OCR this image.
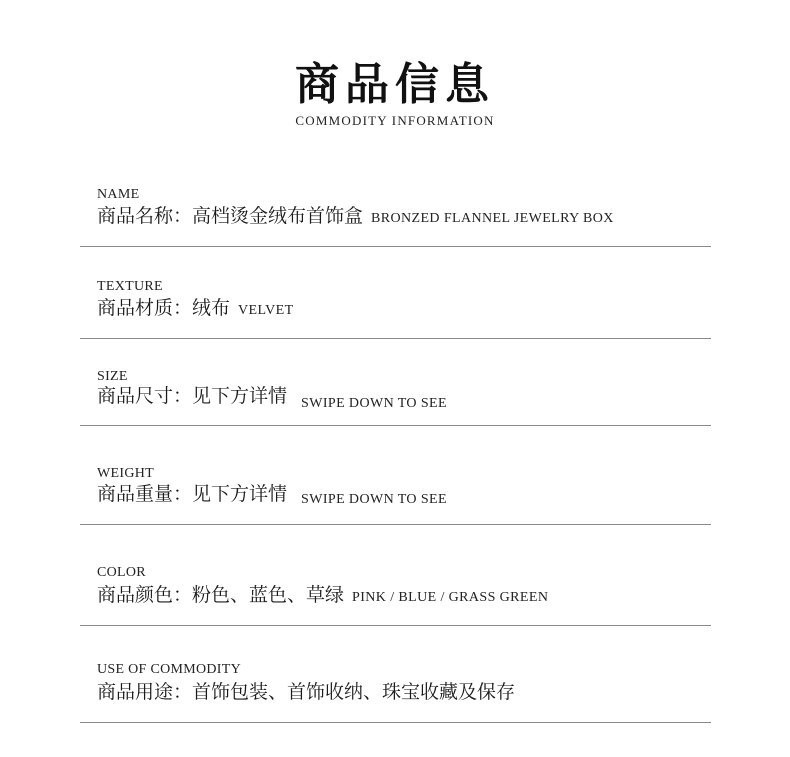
商品信息
COMMODITY INFORMATION
NAME
商品名称：高档烫金绒布首饰盒 BRONZED FLANNEL JEWELRY BOX
TEXTURE
商品材质：绒布 VELVET
SIZE
商品尺寸：见下方详情 $_{SWIPE DOWN TO SEE}$
WEIGHT
商品重量：见下方详情 SWIPE DOWN TO SEE
COLOR
商品颜色：粉色、蓝色、草绿 PINK / BLUE / GRASS GREEN
USE OF COMMODITY
商品用途：首饰包装、首饰收纳、珠宝收藏及保存
